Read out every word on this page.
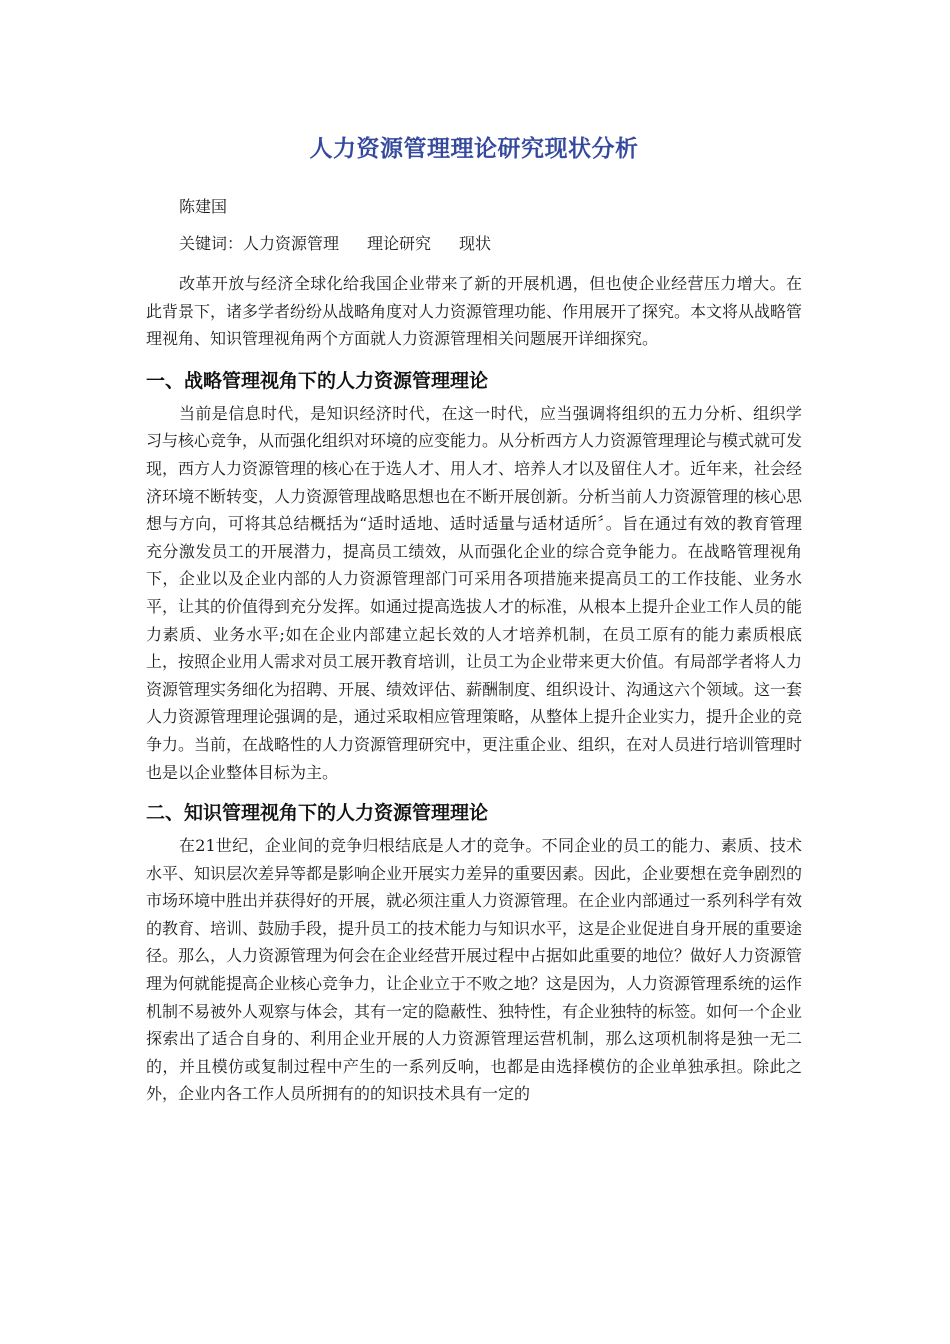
人力资源管理理论研究现状分析
陈建国
关键词：人力资源管理 理论研究 现状

改革开放与经济全球化给我国企业带来了新的开展机遇，但也使企业经营压力增大。在此背景下，诸多学者纷纷从战略角度对人力资源管理功能、作用展开了探究。本文将从战略管理视角、知识管理视角两个方面就人力资源管理相关问题展开详细探究。

一、战略管理视角下的人力资源管理理论

当前是信息时代，是知识经济时代，在这一时代，应当强调将组织的五力分析、组织学习与核心竞争，从而强化组织对环境的应变能力。从分析西方人力资源管理理论与模式就可发现，西方人力资源管理的核心在于选人才、用人才、培养人才以及留住人才。近年来，社会经济环境不断转变，人力资源管理战略思想也在不断开展创新。分析当前人力资源管理的核心思想与方向，可将其总结概括为“适时适地、适时适量与适材适所〞。旨在通过有效的教育管理充分激发员工的开展潜力，提高员工绩效，从而强化企业的综合竞争能力。在战略管理视角下，企业以及企业内部的人力资源管理部门可采用各项措施来提高员工的工作技能、业务水平，让其的价值得到充分发挥。如通过提高选拔人才的标准，从根本上提升企业工作人员的能力素质、业务水平;如在企业内部建立起长效的人才培养机制，在员工原有的能力素质根底上，按照企业用人需求对员工展开教育培训，让员工为企业带来更大价值。有局部学者将人力资源管理实务细化为招聘、开展、绩效评估、薪酬制度、组织设计、沟通这六个领域。这一套人力资源管理理论强调的是，通过采取相应管理策略，从整体上提升企业实力，提升企业的竞争力。当前，在战略性的人力资源管理研究中，更注重企业、组织，在对人员进行培训管理时也是以企业整体目标为主。

二、知识管理视角下的人力资源管理理论

在21世纪，企业间的竞争归根结底是人才的竞争。不同企业的员工的能力、素质、技术水平、知识层次差异等都是影响企业开展实力差异的重要因素。因此，企业要想在竞争剧烈的市场环境中胜出并获得好的开展，就必须注重人力资源管理。在企业内部通过一系列科学有效的教育、培训、鼓励手段，提升员工的技术能力与知识水平，这是企业促进自身开展的重要途径。那么，人力资源管理为何会在企业经营开展过程中占据如此重要的地位？做好人力资源管理为何就能提高企业核心竞争力，让企业立于不败之地？这是因为，人力资源管理系统的运作机制不易被外人观察与体会，其有一定的隐蔽性、独特性，有企业独特的标签。如何一个企业探索出了适合自身的、利用企业开展的人力资源管理运营机制，那么这项机制将是独一无二的，并且模仿或复制过程中产生的一系列反响，也都是由选择模仿的企业单独承担。除此之外，企业内各工作人员所拥有的的知识技术具有一定的
